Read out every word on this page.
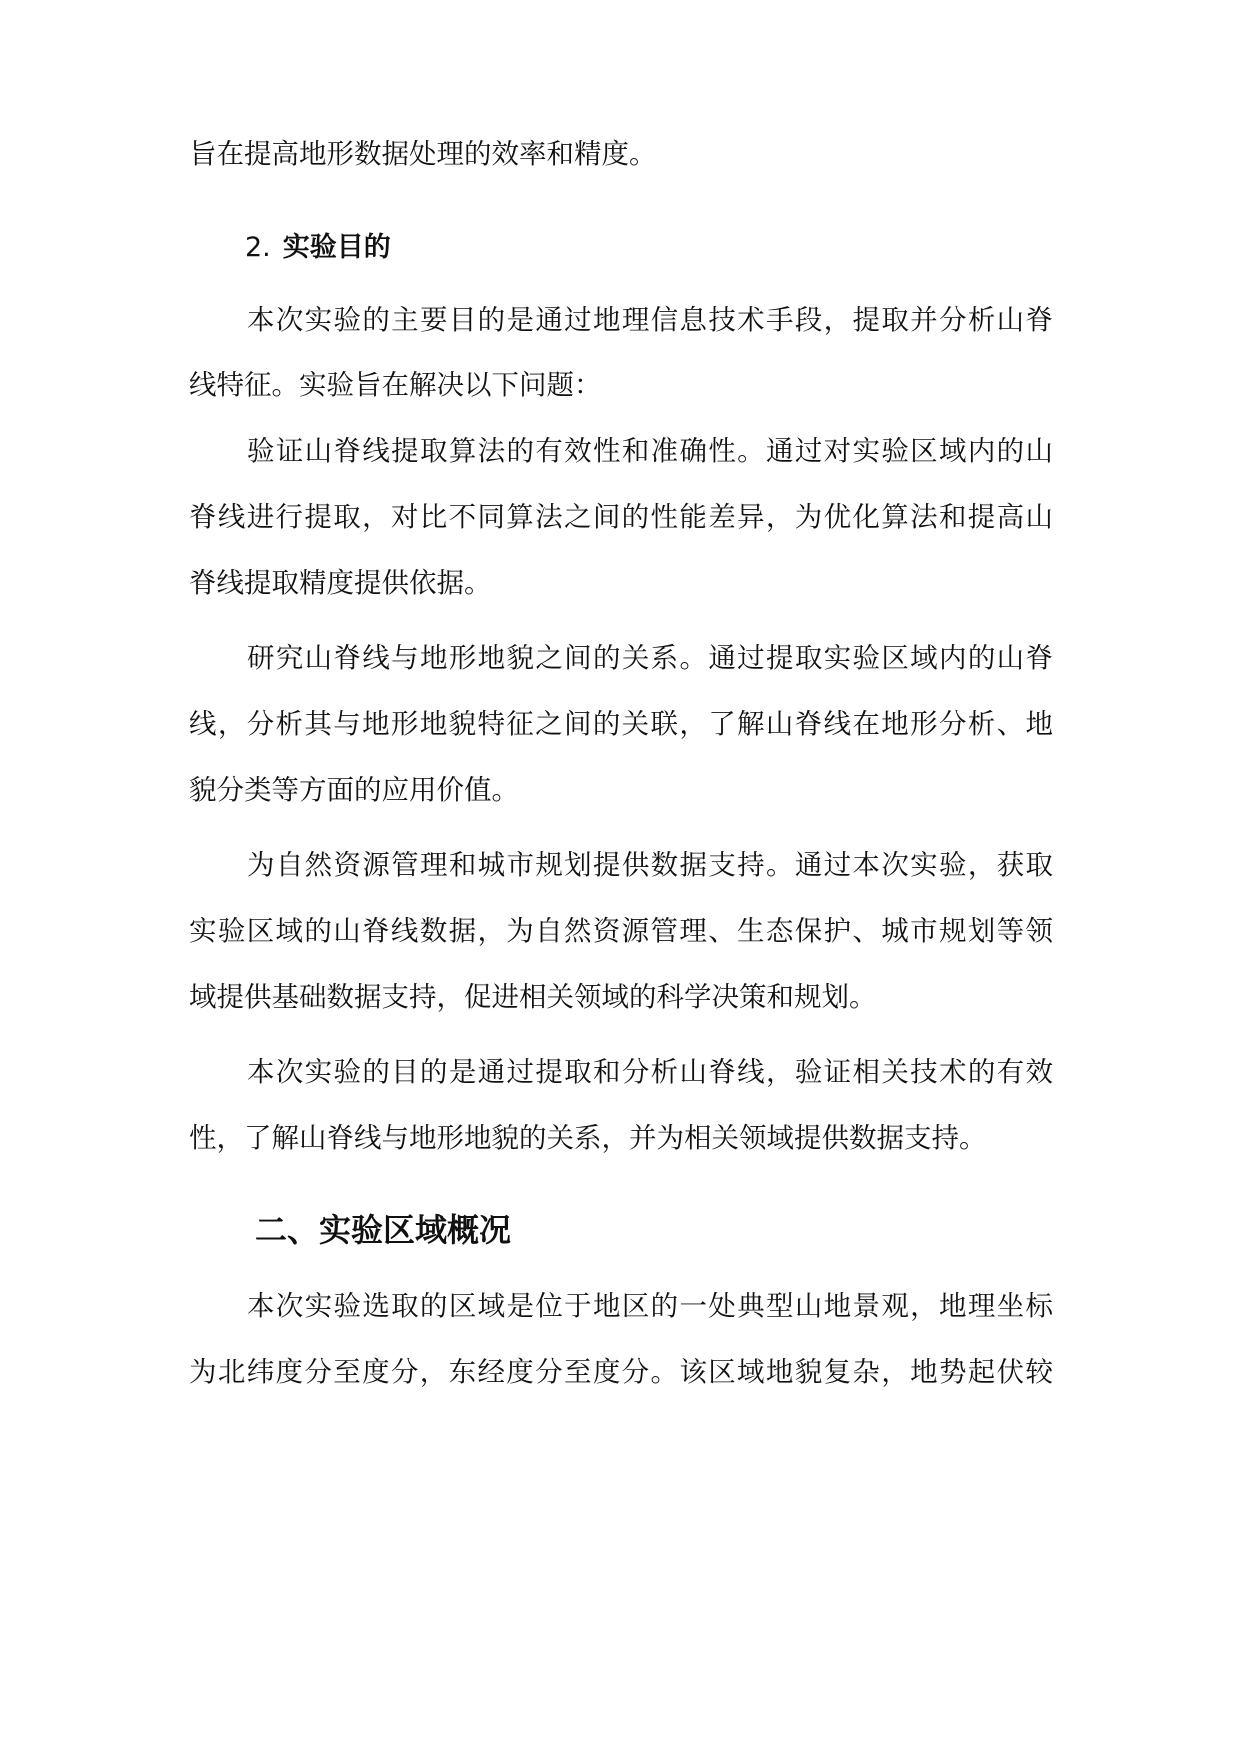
旨在提高地形数据处理的效率和精度。
2. 实验目的
本次实验的主要目的是通过地理信息技术手段，提取并分析山脊
线特征。实验旨在解决以下问题：
验证山脊线提取算法的有效性和准确性。通过对实验区域内的山
脊线进行提取，对比不同算法之间的性能差异，为优化算法和提高山
脊线提取精度提供依据。
研究山脊线与地形地貌之间的关系。通过提取实验区域内的山脊
线，分析其与地形地貌特征之间的关联，了解山脊线在地形分析、地
貌分类等方面的应用价值。
为自然资源管理和城市规划提供数据支持。通过本次实验，获取
实验区域的山脊线数据，为自然资源管理、生态保护、城市规划等领
域提供基础数据支持，促进相关领域的科学决策和规划。
本次实验的目的是通过提取和分析山脊线，验证相关技术的有效
性，了解山脊线与地形地貌的关系，并为相关领域提供数据支持。
二、实验区域概况
本次实验选取的区域是位于地区的一处典型山地景观，地理坐标
为北纬度分至度分，东经度分至度分。该区域地貌复杂，地势起伏较
